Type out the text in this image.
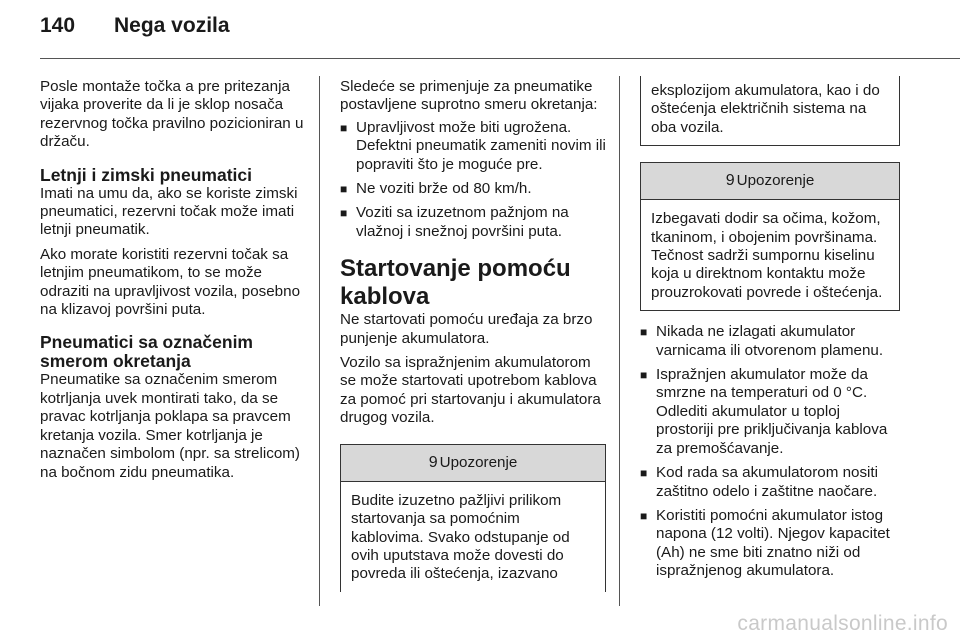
140 Nega vozila

Posle montaže točka a pre pritezanja vijaka proverite da li je sklop nosača rezervnog točka pravilno pozicioniran u držaču.

Letnji i zimski pneumatici

Imati na umu da, ako se koriste zimski pneumatici, rezervni točak može imati letnji pneumatik.

Ako morate koristiti rezervni točak sa letnjim pneumatikom, to se može odraziti na upravljivost vozila, posebno na klizavoj površini puta.

Pneumatici sa označenim smerom okretanja

Pneumatike sa označenim smerom kotrljanja uvek montirati tako, da se pravac kotrljanja poklapa sa pravcem kretanja vozila. Smer kotrljanja je naznačen simbolom (npr. sa strelicom) na bočnom zidu pneumatika.

Sledeće se primenjuje za pneumatike postavljene suprotno smeru okretanja:

■ Upravljivost može biti ugrožena. Defektni pneumatik zameniti novim ili popraviti što je moguće pre.
■ Ne voziti brže od 80 km/h.
■ Voziti sa izuzetnom pažnjom na vlažnoj i snežnoj površini puta.
Startovanje pomoću kablova

Ne startovati pomoću uređaja za brzo punjenje akumulatora.

Vozilo sa ispražnjenim akumulatorom se može startovati upotrebom kablova za pomoć pri startovanju i akumulatora drugog vozila.

9 Upozorenje
Budite izuzetno pažljivi prilikom startovanja sa pomoćnim kablovima. Svako odstupanje od ovih uputstava može dovesti do povreda ili oštećenja, izazvano
eksplozijom akumulatora, kao i do oštećenja električnih sistema na oba vozila.
9 Upozorenje
Izbegavati dodir sa očima, kožom, tkaninom, i obojenim površinama. Tečnost sadrži sumpornu kiselinu koja u direktnom kontaktu može prouzrokovati povrede i oštećenja.
■ Nikada ne izlagati akumulator varnicama ili otvorenom plamenu.
■ Ispražnjen akumulator može da smrzne na temperaturi od 0 °C. Odlediti akumulator u toploj prostoriji pre priključivanja kablova za premošćavanje.
■ Kod rada sa akumulatorom nositi zaštitno odelo i zaštitne naočare.
■ Koristiti pomoćni akumulator istog napona (12 volti). Njegov kapacitet (Ah) ne sme biti znatno niži od ispražnjenog akumulatora.
carmanualsonline.info
